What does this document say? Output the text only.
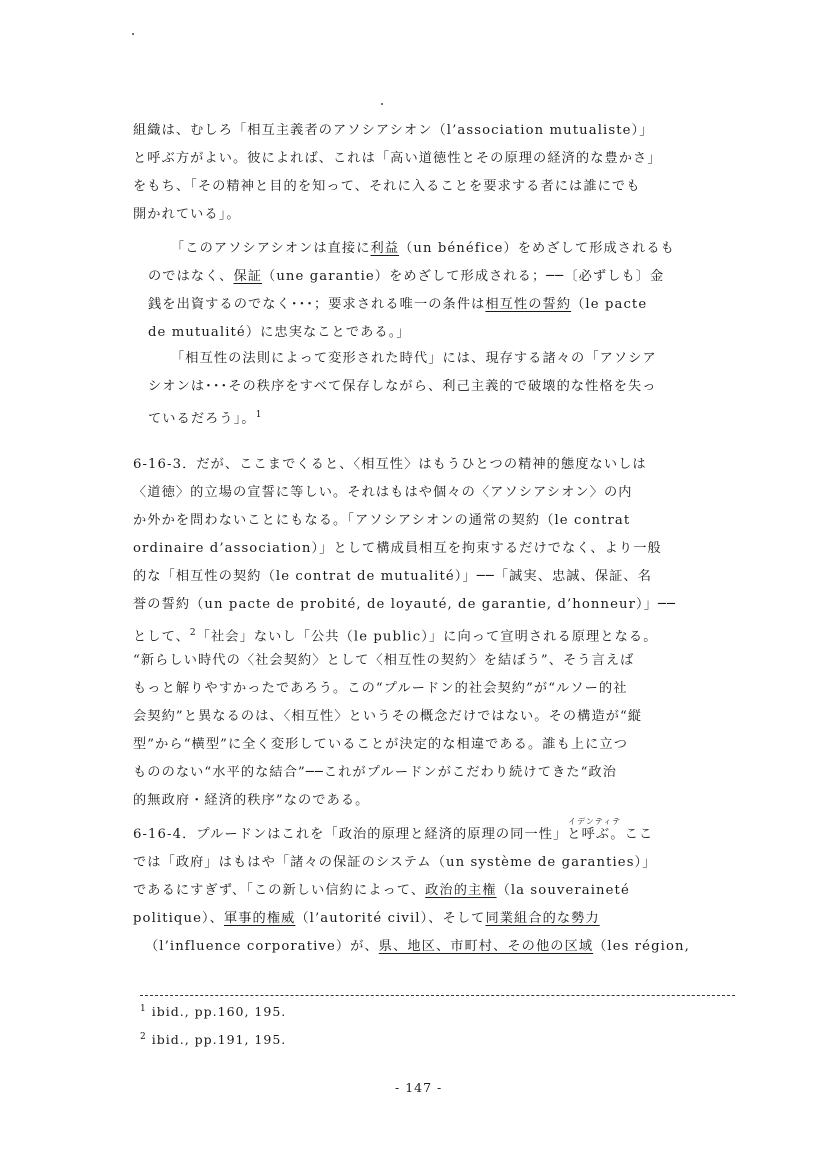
組織は、むしろ「相互主義者のアソシアシオン（l’association mutualiste）」
と呼ぶ方がよい。彼によれば、これは「高い道徳性とその原理の経済的な豊かさ」
をもち、「その精神と目的を知って、それに入ることを要求する者には誰にでも
開かれている」。
「このアソシアシオンは直接に利益（un bénéfice）をめざして形成されるも
のではなく、保証（une garantie）をめざして形成される；──〔必ずしも〕金
銭を出資するのでなく･･･；要求される唯一の条件は相互性の誓約（le pacte
de mutualité）に忠実なことである。」
「相互性の法則によって変形された時代」には、現存する諸々の「アソシア
シオンは･･･その秩序をすべて保存しながら、利己主義的で破壊的な性格を失っ
ているだろう」。$^1$
6-16-3．だが、ここまでくると、〈相互性〉はもうひとつの精神的態度ないしは
〈道徳〉的立場の宣誓に等しい。それはもはや個々の〈アソシアシオン〉の内
か外かを問わないことにもなる。「アソシアシオンの通常の契約（le contrat
ordinaire d’association）」として構成員相互を拘束するだけでなく、より一般
的な「相互性の契約（le contrat de mutualité）」──「誠実、忠誠、保証、名
誉の誓約（un pacte de probité, de loyauté, de garantie, d’honneur）」──
として、$^2$「社会」ないし「公共（le public）」に向って宣明される原理となる。
“新らしい時代の〈社会契約〉として〈相互性の契約〉を結ぼう”、そう言えば
もっと解りやすかったであろう。この“プルードン的社会契約”が“ルソー的社
会契約”と異なるのは、〈相互性〉というその概念だけではない。その構造が“縦
型”から“横型”に全く変形していることが決定的な相違である。誰も上に立つ
もののない“水平的な結合”──これがプルードンがこだわり続けてきた“政治
的無政府・経済的秩序”なのである。
イデンティテ
6-16-4．プルードンはこれを「政治的原理と経済的原理の同一性」と呼ぶ。ここ
では「政府」はもはや「諸々の保証のシステム（un système de garanties）」
であるにすぎず、「この新しい信約によって、政治的主権（la souveraineté
politique）、軍事的権威（l’autorité civil）、そして同業組合的な勢力
（l’influence corporative）が、県、地区、市町村、その他の区域（les région,
$^1$ ibid., pp.160, 195.
$^2$ ibid., pp.191, 195.
- 147 -
